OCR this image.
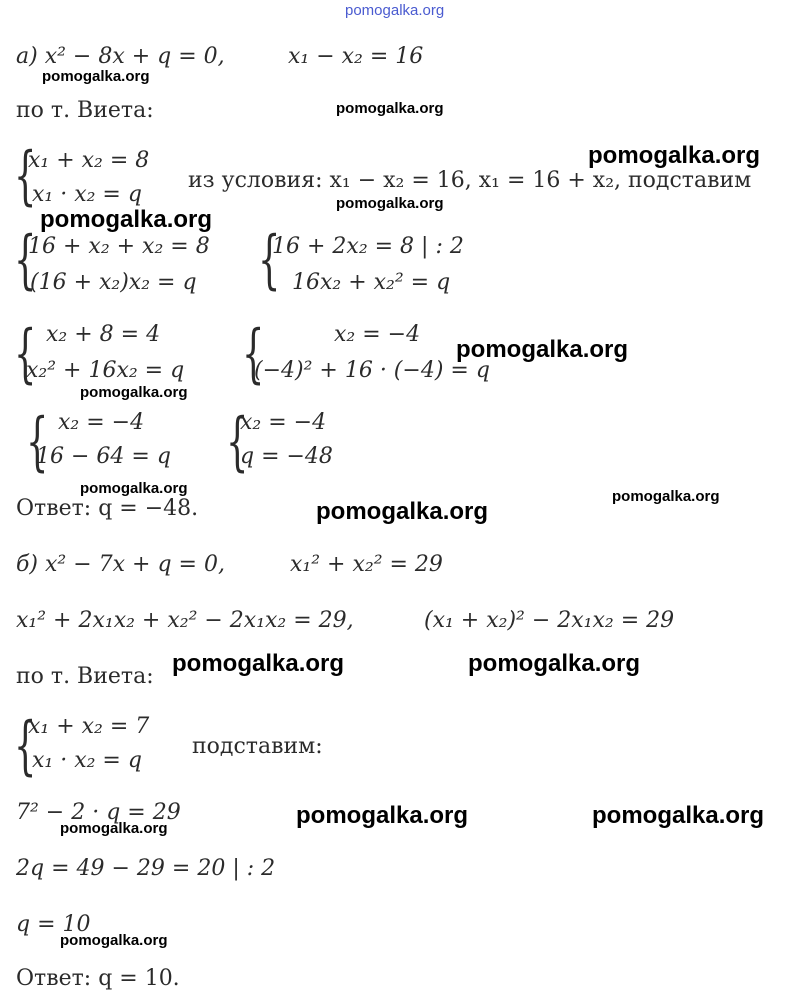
pomogalka.org
а) x² − 8x + q = 0,	x₁ − x₂ = 16
pomogalka.org
по т. Виета:	pomogalka.org
{
x₁ + x₂ = 8
x₁ · x₂ = q
из условия: x₁ − x₂ = 16, x₁ = 16 + x₂, подставим
pomogalka.org
pomogalka.org
pomogalka.org
{
16 + x₂ + x₂ = 8
(16 + x₂)x₂ = q {
16 + 2x₂ = 8 | : 2
16x₂ + x₂² = q
{ x₂ + 8 = 4
x₂² + 16x₂ = q
pomogalka.org
{	x₂ = −4
(−4)² + 16 · (−4) = q
pomogalka.org
{ x₂ = −4
16 − 64 = q {
x₂ = −4
q = −48
pomogalka.org	pomogalka.org
Ответ: q = −48.	pomogalka.org
б) x² − 7x + q = 0,	x₁² + x₂² = 29
x₁² + 2x₁x₂ + x₂² − 2x₁x₂ = 29,	(x₁ + x₂)² − 2x₁x₂ = 29
по т. Виета: pomogalka.org	pomogalka.org
{
x₁ + x₂ = 7
x₁ · x₂ = q
подставим:
7² − 2 · q = 29
pomogalka.org	pomogalka.org	pomogalka.org
2q = 49 − 29 = 20 | : 2
q = 10
pomogalka.org
Ответ: q = 10.
